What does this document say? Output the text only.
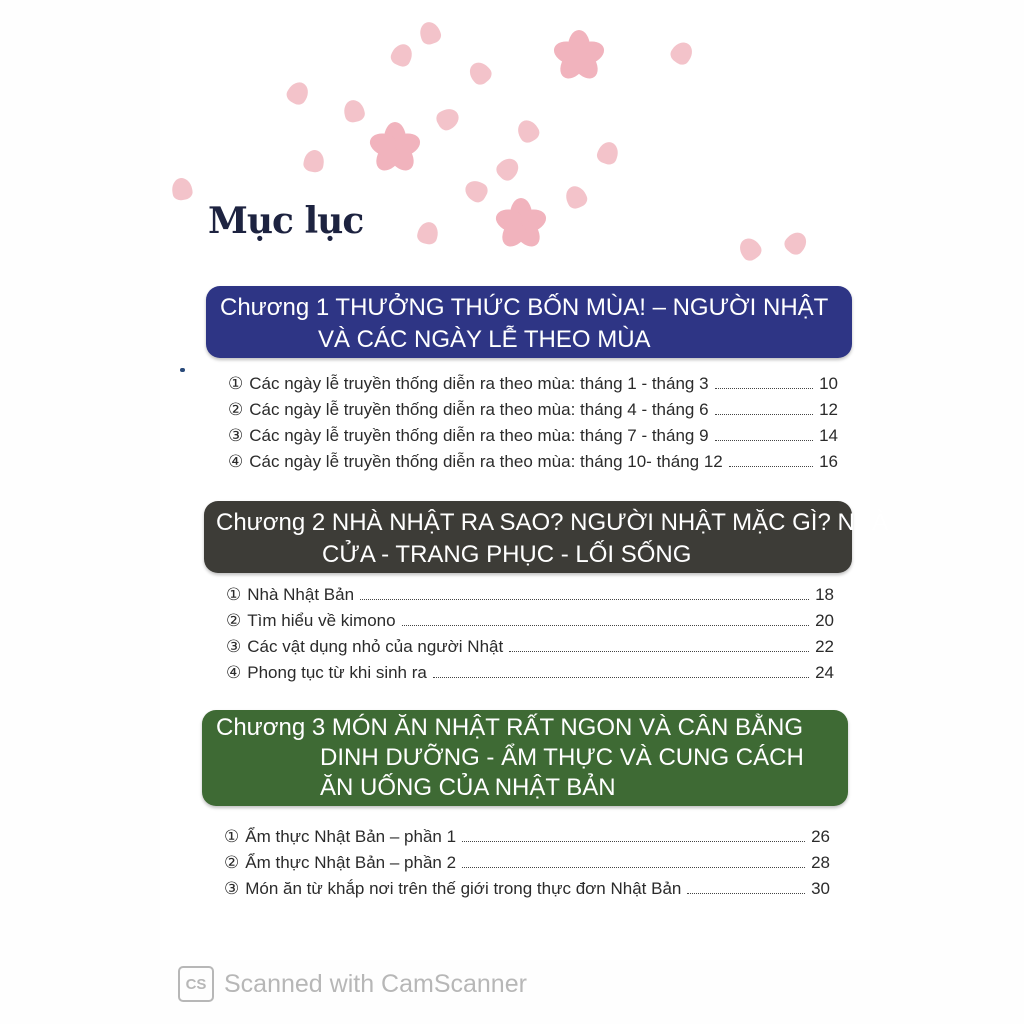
Mục lục
Chương 1 THƯỞNG THỨC BỐN MÙA! – NGƯỜI NHẬT
VÀ CÁC NGÀY LỄ THEO MÙA
① Các ngày lễ truyền thống diễn ra theo mùa: tháng 1 - tháng 3	10
② Các ngày lễ truyền thống diễn ra theo mùa: tháng 4 - tháng 6	12
③ Các ngày lễ truyền thống diễn ra theo mùa: tháng 7 - tháng 9	14
④ Các ngày lễ truyền thống diễn ra theo mùa: tháng 10- tháng 12	16
Chương 2 NHÀ NHẬT RA SAO? NGƯỜI NHẬT MẶC GÌ? NHÀ
CỬA - TRANG PHỤC - LỐI SỐNG
① Nhà Nhật Bản	18
② Tìm hiểu về kimono	20
③ Các vật dụng nhỏ của người Nhật	22
④ Phong tục từ khi sinh ra	24
Chương 3 MÓN ĂN NHẬT RẤT NGON VÀ CÂN BẰNG
DINH DƯỠNG - ẨM THỰC VÀ CUNG CÁCH
ĂN UỐNG CỦA NHẬT BẢN
① Ẩm thực Nhật Bản – phần 1	26
② Ẩm thực Nhật Bản – phần 2	28
③ Món ăn từ khắp nơi trên thế giới trong thực đơn Nhật Bản	30
CS Scanned with CamScanner
